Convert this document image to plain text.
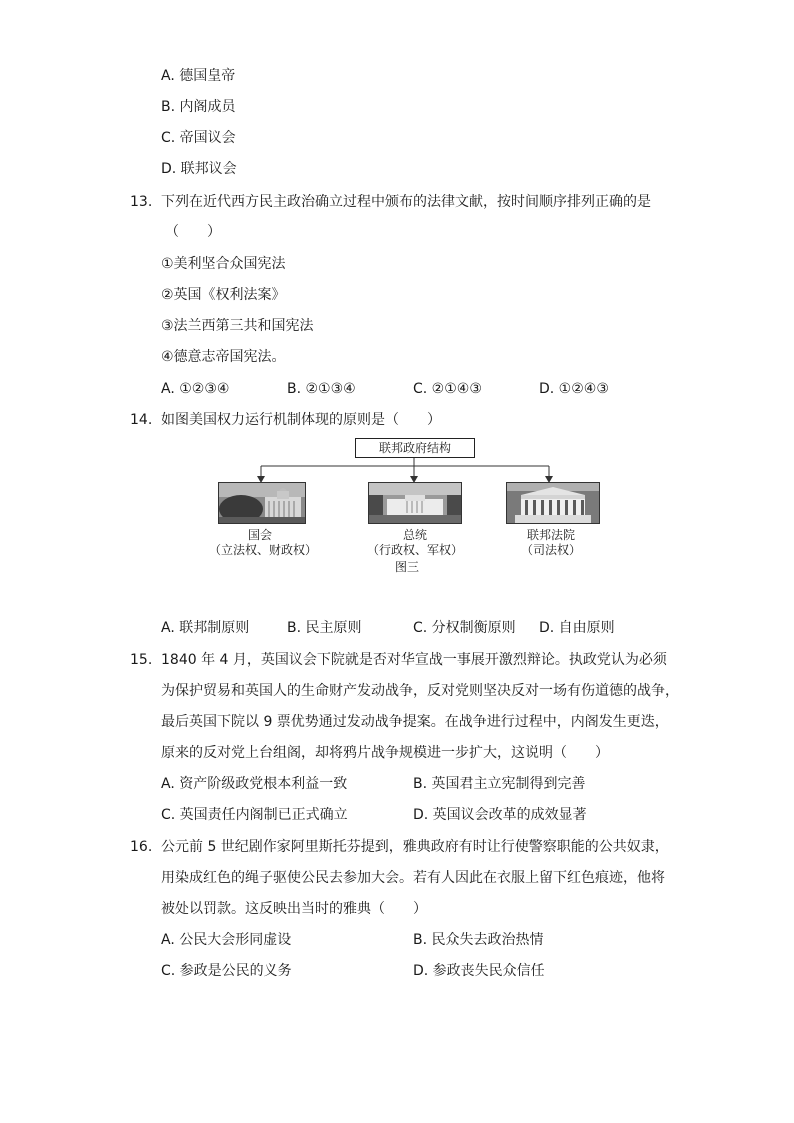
A. 德国皇帝
B. 内阁成员
C. 帝国议会
D. 联邦议会
13. 下列在近代西方民主政治确立过程中颁布的法律文献，按时间顺序排列正确的是
（　　）
①美利坚合众国宪法
②英国《权利法案》
③法兰西第三共和国宪法
④德意志帝国宪法。
A. ①②③④	B. ②①③④	C. ②①④③	D. ①②④③
14. 如图美国权力运行机制体现的原则是（　　）
联邦政府结构
国会
（立法权、财政权）
总统
（行政权、军权）
联邦法院
（司法权）
图三
A. 联邦制原则	B. 民主原则	C. 分权制衡原则 D. 自由原则
15. 1840 年 4 月，英国议会下院就是否对华宣战一事展开激烈辩论。执政党认为必须
为保护贸易和英国人的生命财产发动战争，反对党则坚决反对一场有伤道德的战争，
最后英国下院以 9 票优势通过发动战争提案。在战争进行过程中，内阁发生更迭，
原来的反对党上台组阁，却将鸦片战争规模进一步扩大，这说明（　　）
A. 资产阶级政党根本利益一致	B. 英国君主立宪制得到完善
C. 英国责任内阁制已正式确立	D. 英国议会改革的成效显著
16. 公元前 5 世纪剧作家阿里斯托芬提到，雅典政府有时让行使警察职能的公共奴隶，
用染成红色的绳子驱使公民去参加大会。若有人因此在衣服上留下红色痕迹，他将
被处以罚款。这反映出当时的雅典（　　）
A. 公民大会形同虚设	B. 民众失去政治热情
C. 参政是公民的义务	D. 参政丧失民众信任
